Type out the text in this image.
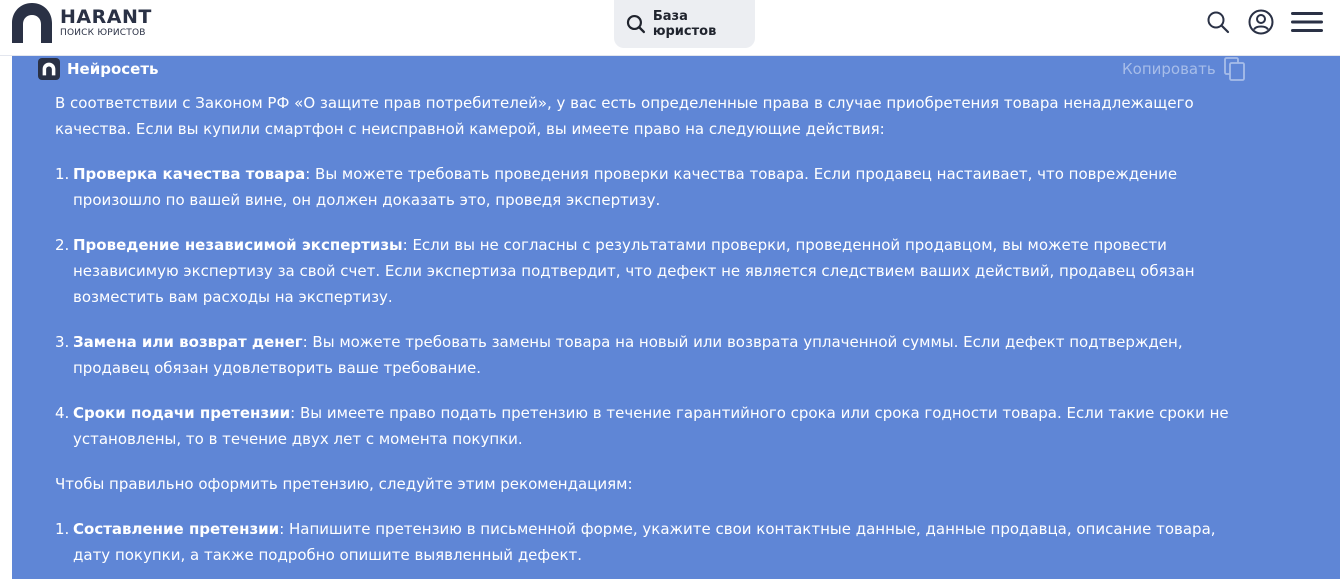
HARANT
ПОИСК ЮРИСТОВ
База юристов
Нейросеть	Копировать

В соответствии с Законом РФ «О защите прав потребителей», у вас есть определенные права в случае приобретения товара ненадлежащего качества. Если вы купили смартфон с неисправной камерой, вы имеете право на следующие действия:

1. Проверка качества товара: Вы можете требовать проведения проверки качества товара. Если продавец настаивает, что повреждение произошло по вашей вине, он должен доказать это, проведя экспертизу.
2. Проведение независимой экспертизы: Если вы не согласны с результатами проверки, проведенной продавцом, вы можете провести независимую экспертизу за свой счет. Если экспертиза подтвердит, что дефект не является следствием ваших действий, продавец обязан возместить вам расходы на экспертизу.
3. Замена или возврат денег: Вы можете требовать замены товара на новый или возврата уплаченной суммы. Если дефект подтвержден, продавец обязан удовлетворить ваше требование.
4. Сроки подачи претензии: Вы имеете право подать претензию в течение гарантийного срока или срока годности товара. Если такие сроки не установлены, то в течение двух лет с момента покупки.

Чтобы правильно оформить претензию, следуйте этим рекомендациям:

1. Составление претензии: Напишите претензию в письменной форме, укажите свои контактные данные, данные продавца, описание товара, дату покупки, а также подробно опишите выявленный дефект.
